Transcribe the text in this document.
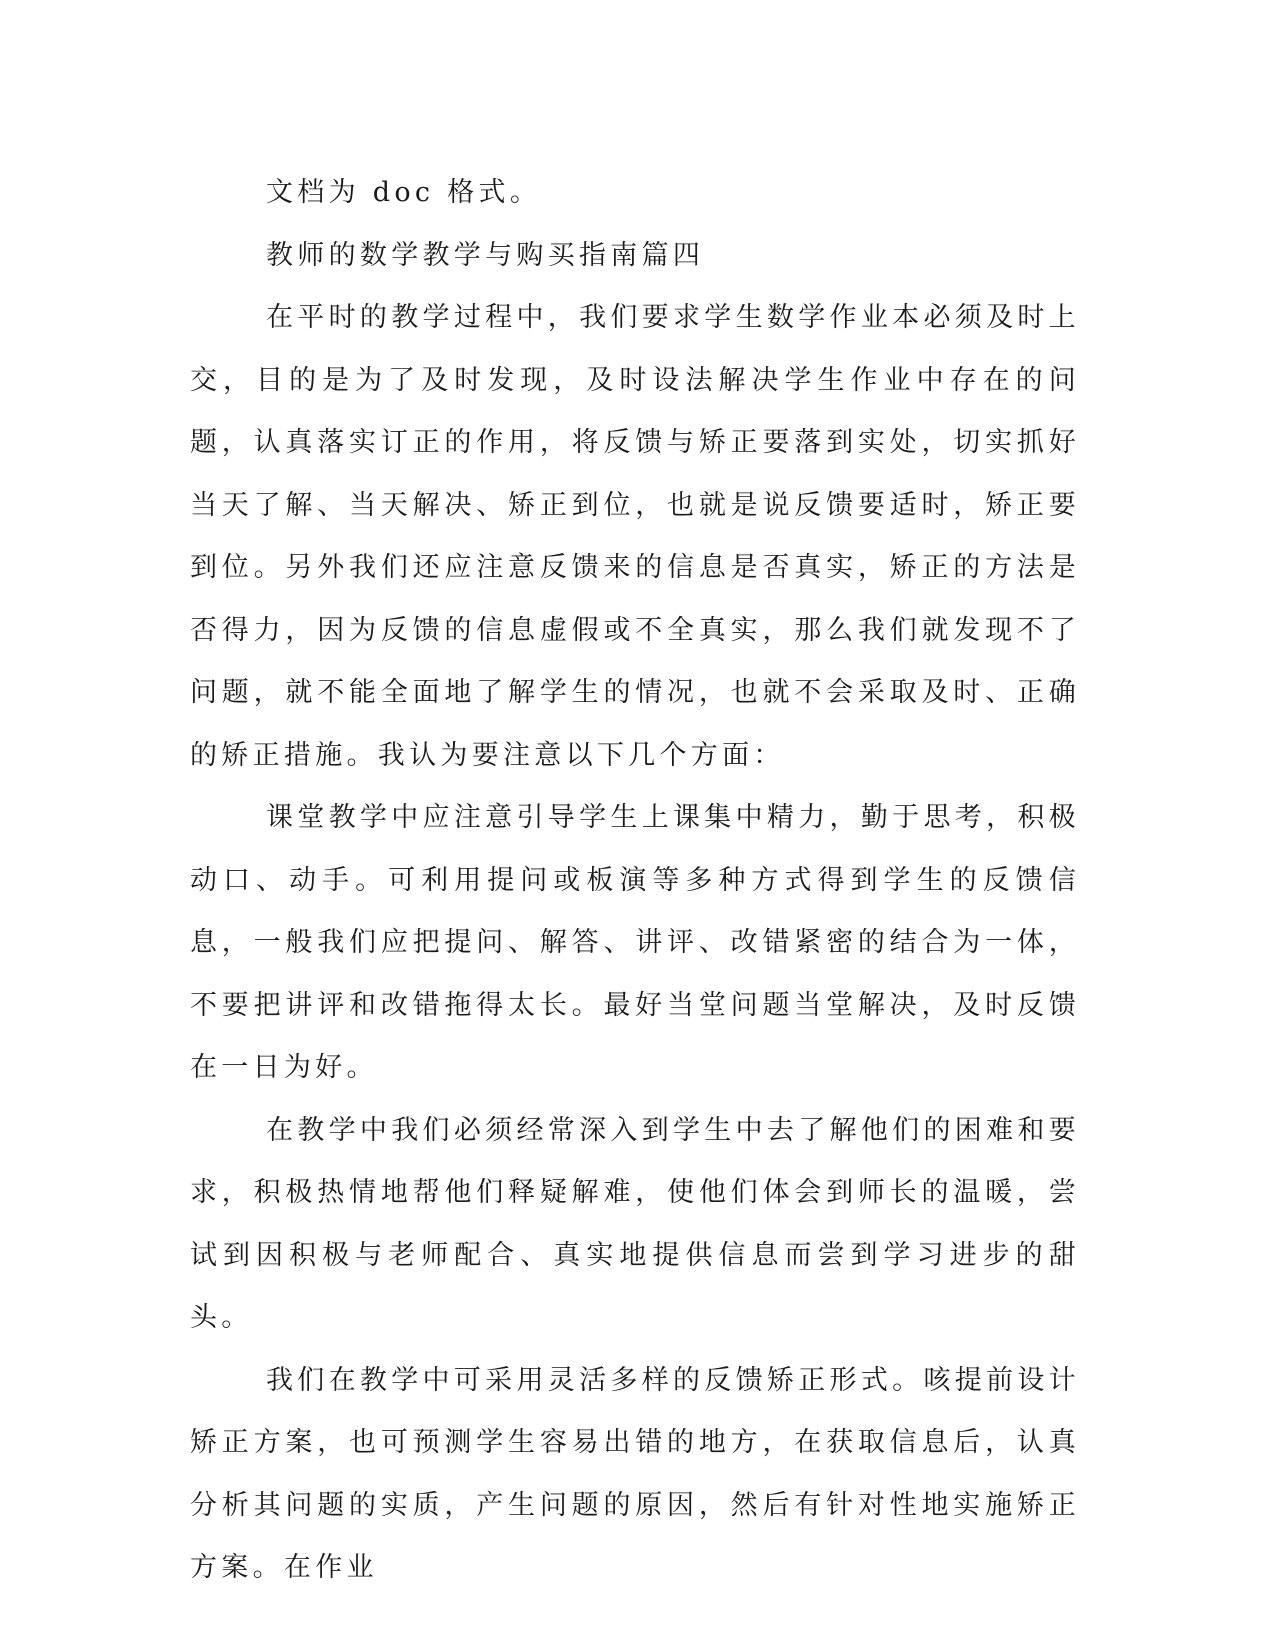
文档为 doc 格式。

教师的数学教学与购买指南篇四

在平时的教学过程中，我们要求学生数学作业本必须及时上交，目的是为了及时发现，及时设法解决学生作业中存在的问题，认真落实订正的作用，将反馈与矫正要落到实处，切实抓好当天了解、当天解决、矫正到位，也就是说反馈要适时，矫正要到位。另外我们还应注意反馈来的信息是否真实，矫正的方法是否得力，因为反馈的信息虚假或不全真实，那么我们就发现不了问题，就不能全面地了解学生的情况，也就不会采取及时、正确的矫正措施。我认为要注意以下几个方面：

课堂教学中应注意引导学生上课集中精力，勤于思考，积极动口、动手。可利用提问或板演等多种方式得到学生的反馈信息，一般我们应把提问、解答、讲评、改错紧密的结合为一体，不要把讲评和改错拖得太长。最好当堂问题当堂解决，及时反馈在一日为好。

在教学中我们必须经常深入到学生中去了解他们的困难和要求，积极热情地帮他们释疑解难，使他们体会到师长的温暖，尝试到因积极与老师配合、真实地提供信息而尝到学习进步的甜头。

我们在教学中可采用灵活多样的反馈矫正形式。咳提前设计矫正方案，也可预测学生容易出错的地方，在获取信息后，认真分析其问题的实质，产生问题的原因，然后有针对性地实施矫正方案。在作业
